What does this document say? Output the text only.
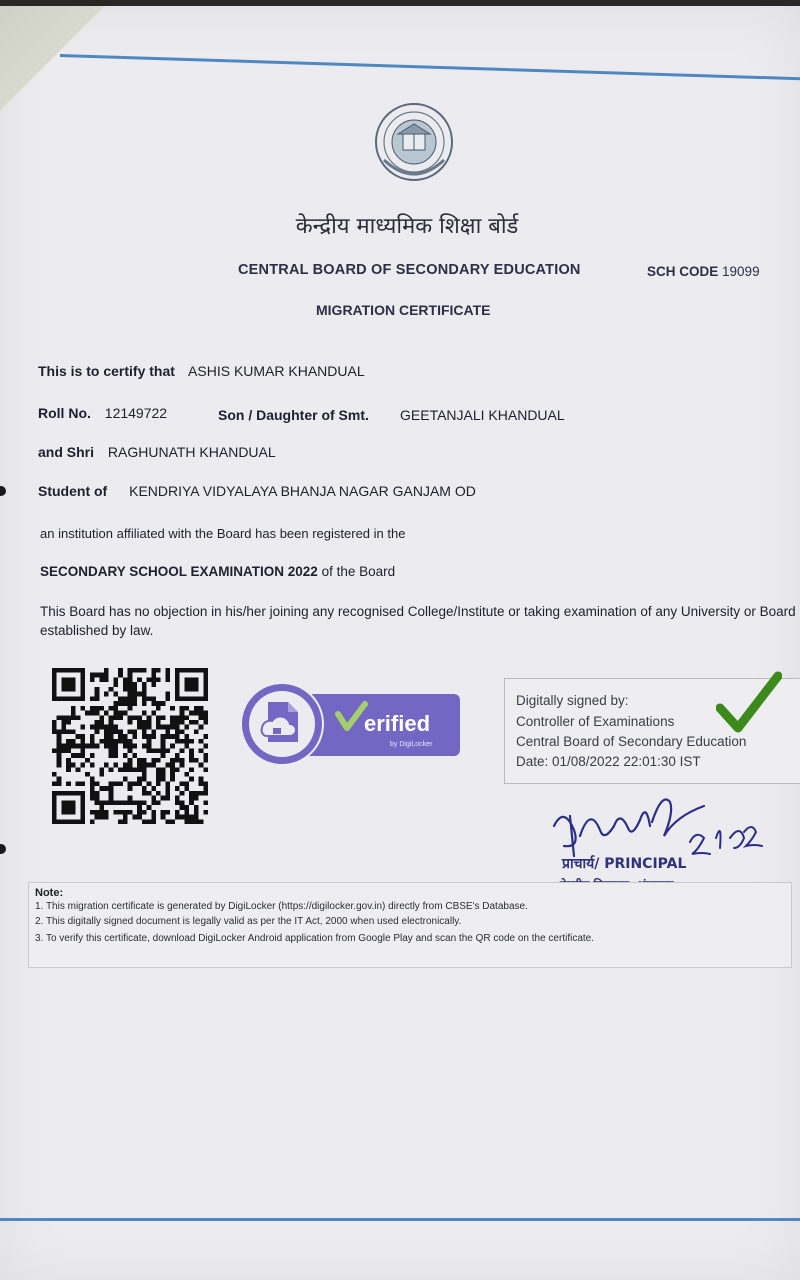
केन्द्रीय माध्यमिक शिक्षा बोर्ड
CENTRAL BOARD OF SECONDARY EDUCATION	SCH CODE 19099
MIGRATION CERTIFICATE
This is to certify that ASHIS KUMAR KHANDUAL
Roll No. 12149722	Son / Daughter of Smt. GEETANJALI KHANDUAL
and Shri RAGHUNATH KHANDUAL
Student of KENDRIYA VIDYALAYA BHANJA NAGAR GANJAM OD
an institution affiliated with the Board has been registered in the
SECONDARY SCHOOL EXAMINATION 2022 of the Board
This Board has no objection in his/her joining any recognised College/Institute or taking examination of any University or Board established by law.
erified
by DigiLocker
Digitally signed by:
Controller of Examinations
Central Board of Secondary Education
Date: 01/08/2022 22:01:30 IST
प्राचार्य/ PRINCIPAL
Note:
1. This migration certificate is generated by DigiLocker (https://digilocker.gov.in) directly from CBSE's Database.
2. This digitally signed document is legally valid as per the IT Act, 2000 when used electronically.
3. To verify this certificate, download DigiLocker Android application from Google Play and scan the QR code on the certificate.
